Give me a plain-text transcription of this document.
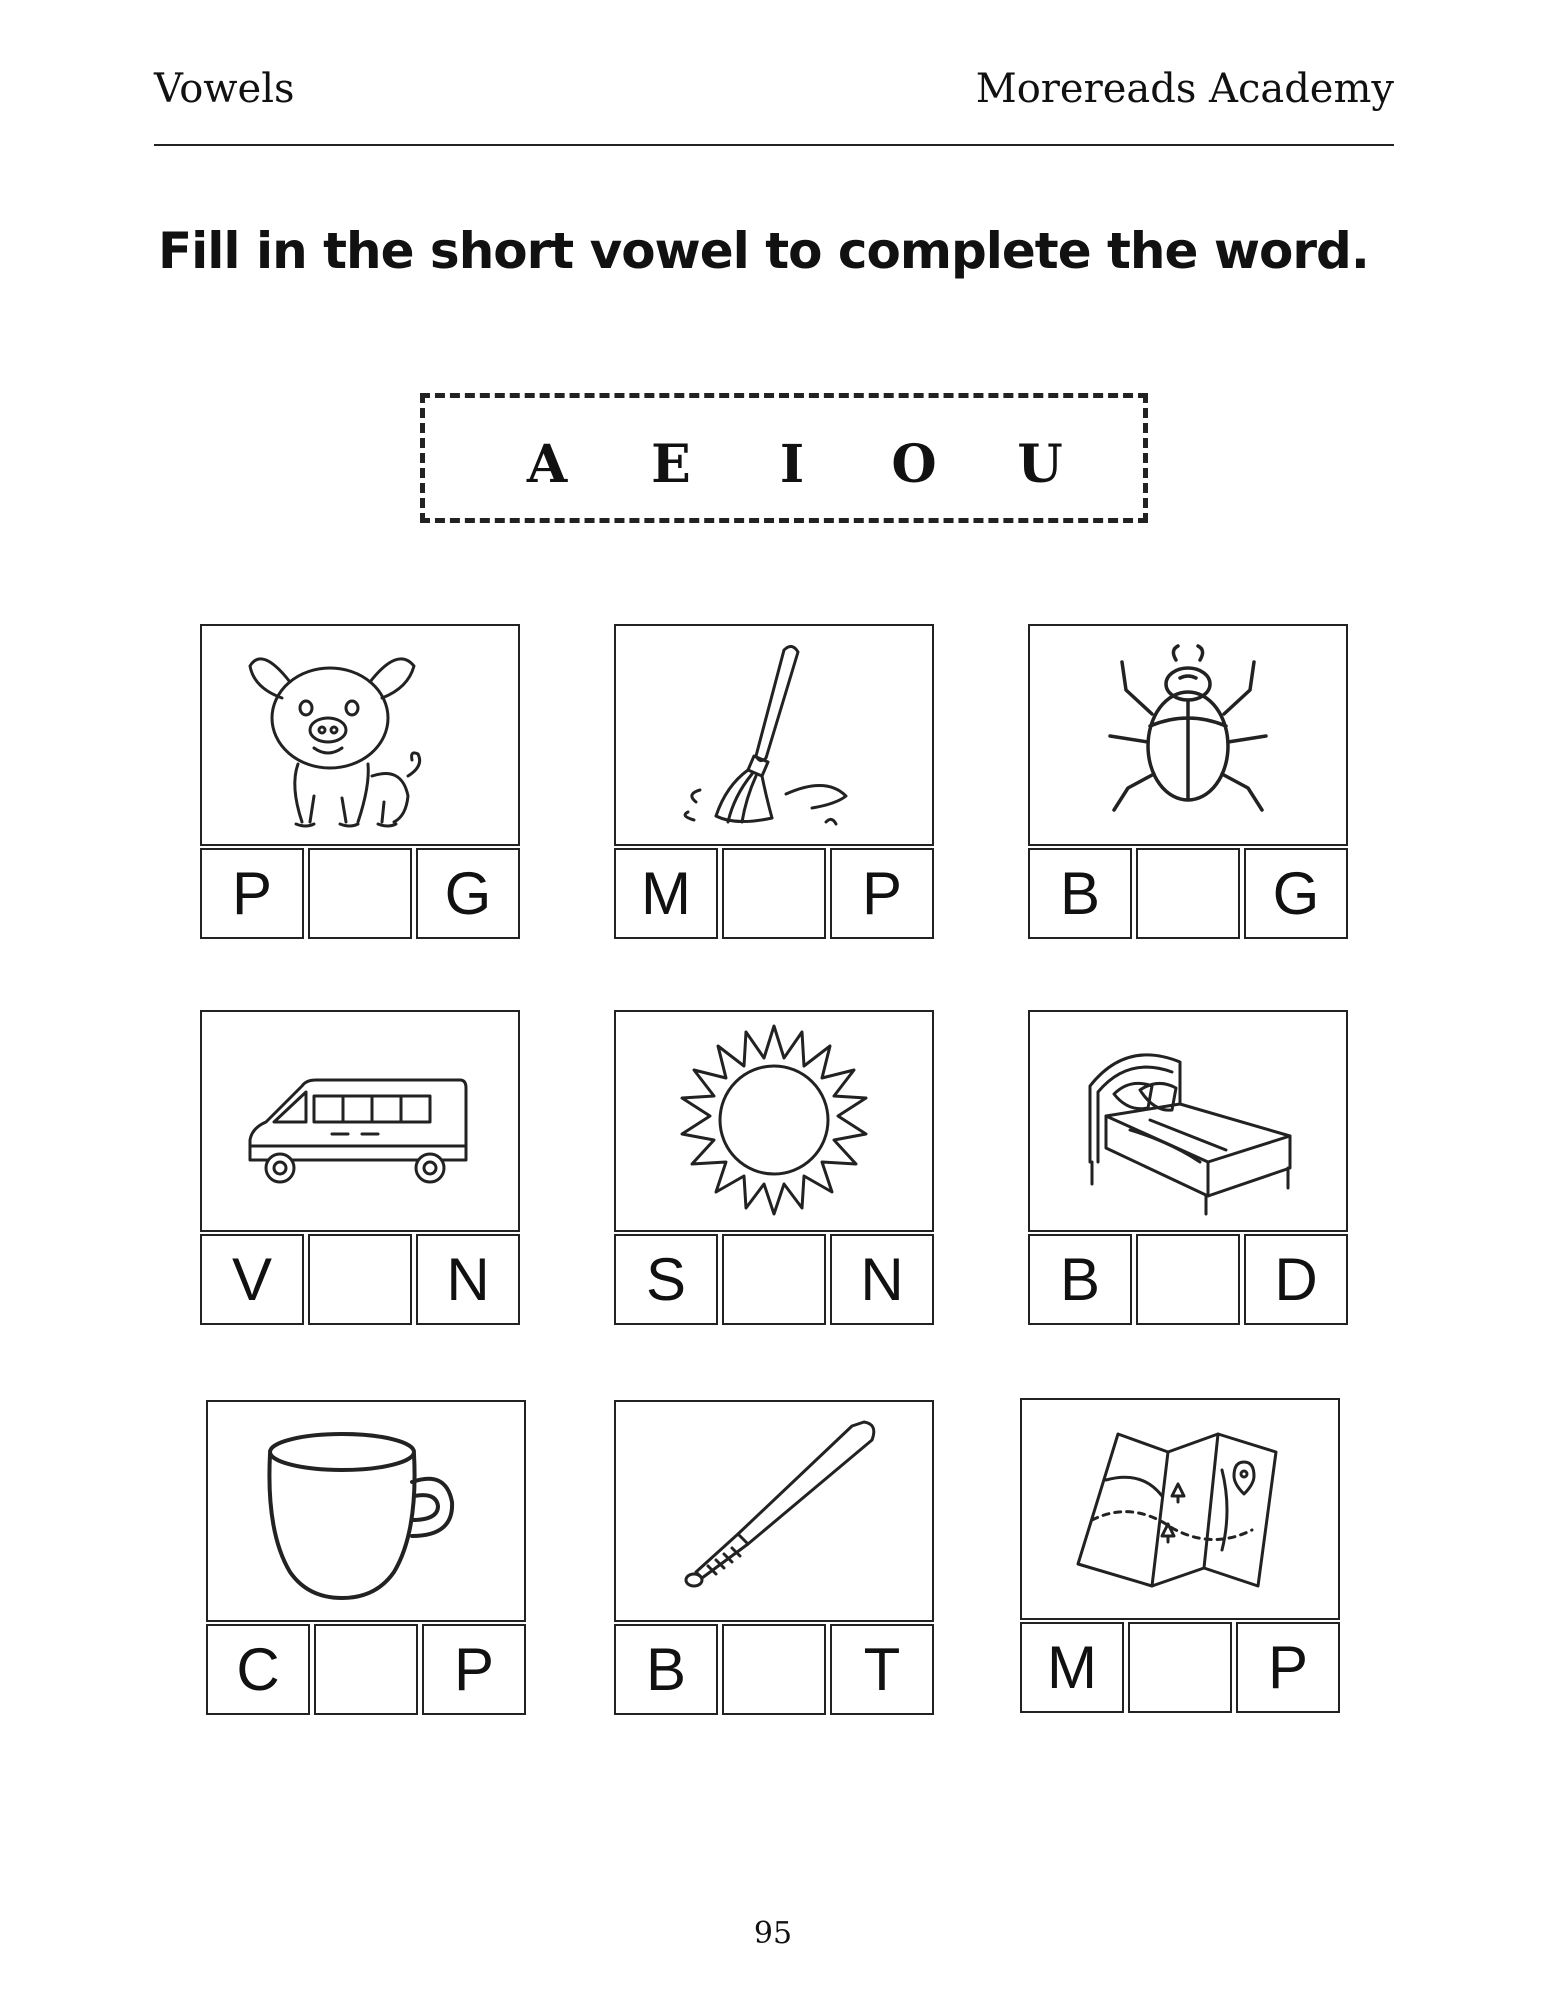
Vowels	Morereads Academy
Fill in the short vowel to complete the word.
A	E	I	O	U
P	G	M	P	B	G
V	N	S	N	B	D
C	P	B	T	M	P
95
